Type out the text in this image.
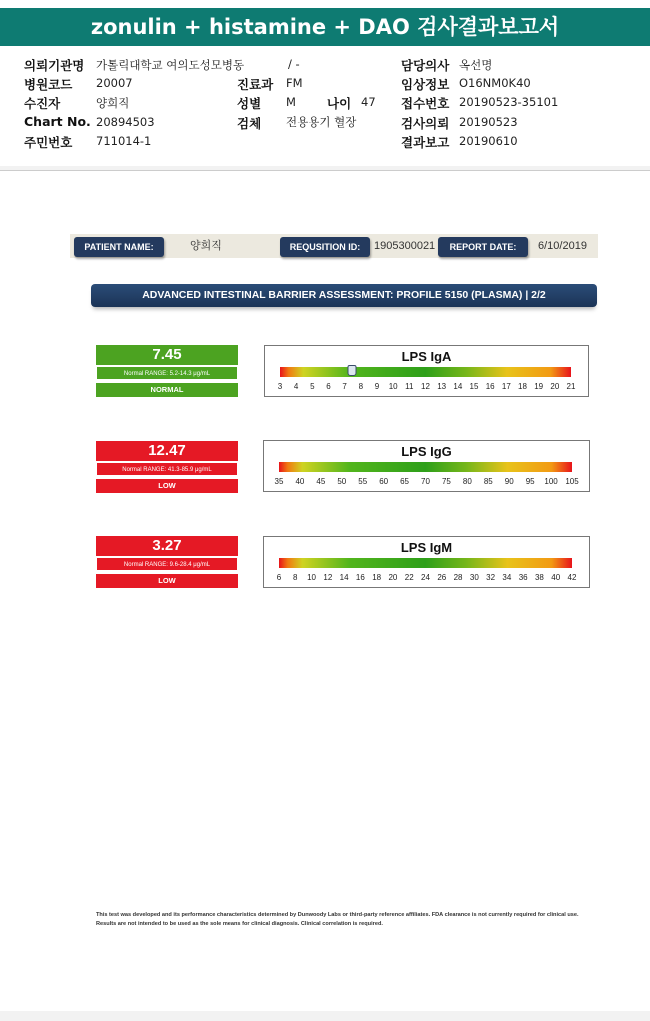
zonulin + histamine + DAO 검사결과보고서
의뢰기관명 가톨릭대학교 여의도성모병동	/ -	담당의사 옥선명
병원코드 20007	진료과 FM	임상정보 O16NM0K40
수진자	양희직	성별 M 나이 47 접수번호 20190523-35101
Chart No. 20894503	검체 전용용기 혈장	검사의뢰 20190523
주민번호 711014-1	결과보고 20190610
PATIENT NAME:	양희직	REQUSITION ID:	1905300021	REPORT DATE:	6/10/2019
ADVANCED INTESTINAL BARRIER ASSESSMENT: PROFILE 5150 (PLASMA) | 2/2
7.45
Normal RANGE: 5.2-14.3 μg/mL
NORMAL
LPS IgA
3 4 5 6 7 8 9 10 11 12 13 14 15 16 17 18 19 20 21
12.47
Normal RANGE: 41.3-85.9 μg/mL
LOW
LPS IgG
35 40 45 50 55 60 65 70 75 80 85 90 95 100 105
3.27
Normal RANGE: 9.6-28.4 μg/mL
LOW
LPS IgM
6 8 10 12 14 16 18 20 22 24 26 28 30 32 34 36 38 40 42
This test was developed and its performance characteristics determined by Dunwoody Labs or third-party reference affiliates. FDA clearance is not currently required for clinical use. Results are not intended to be used as the sole means for clinical diagnosis. Clinical correlation is required.
